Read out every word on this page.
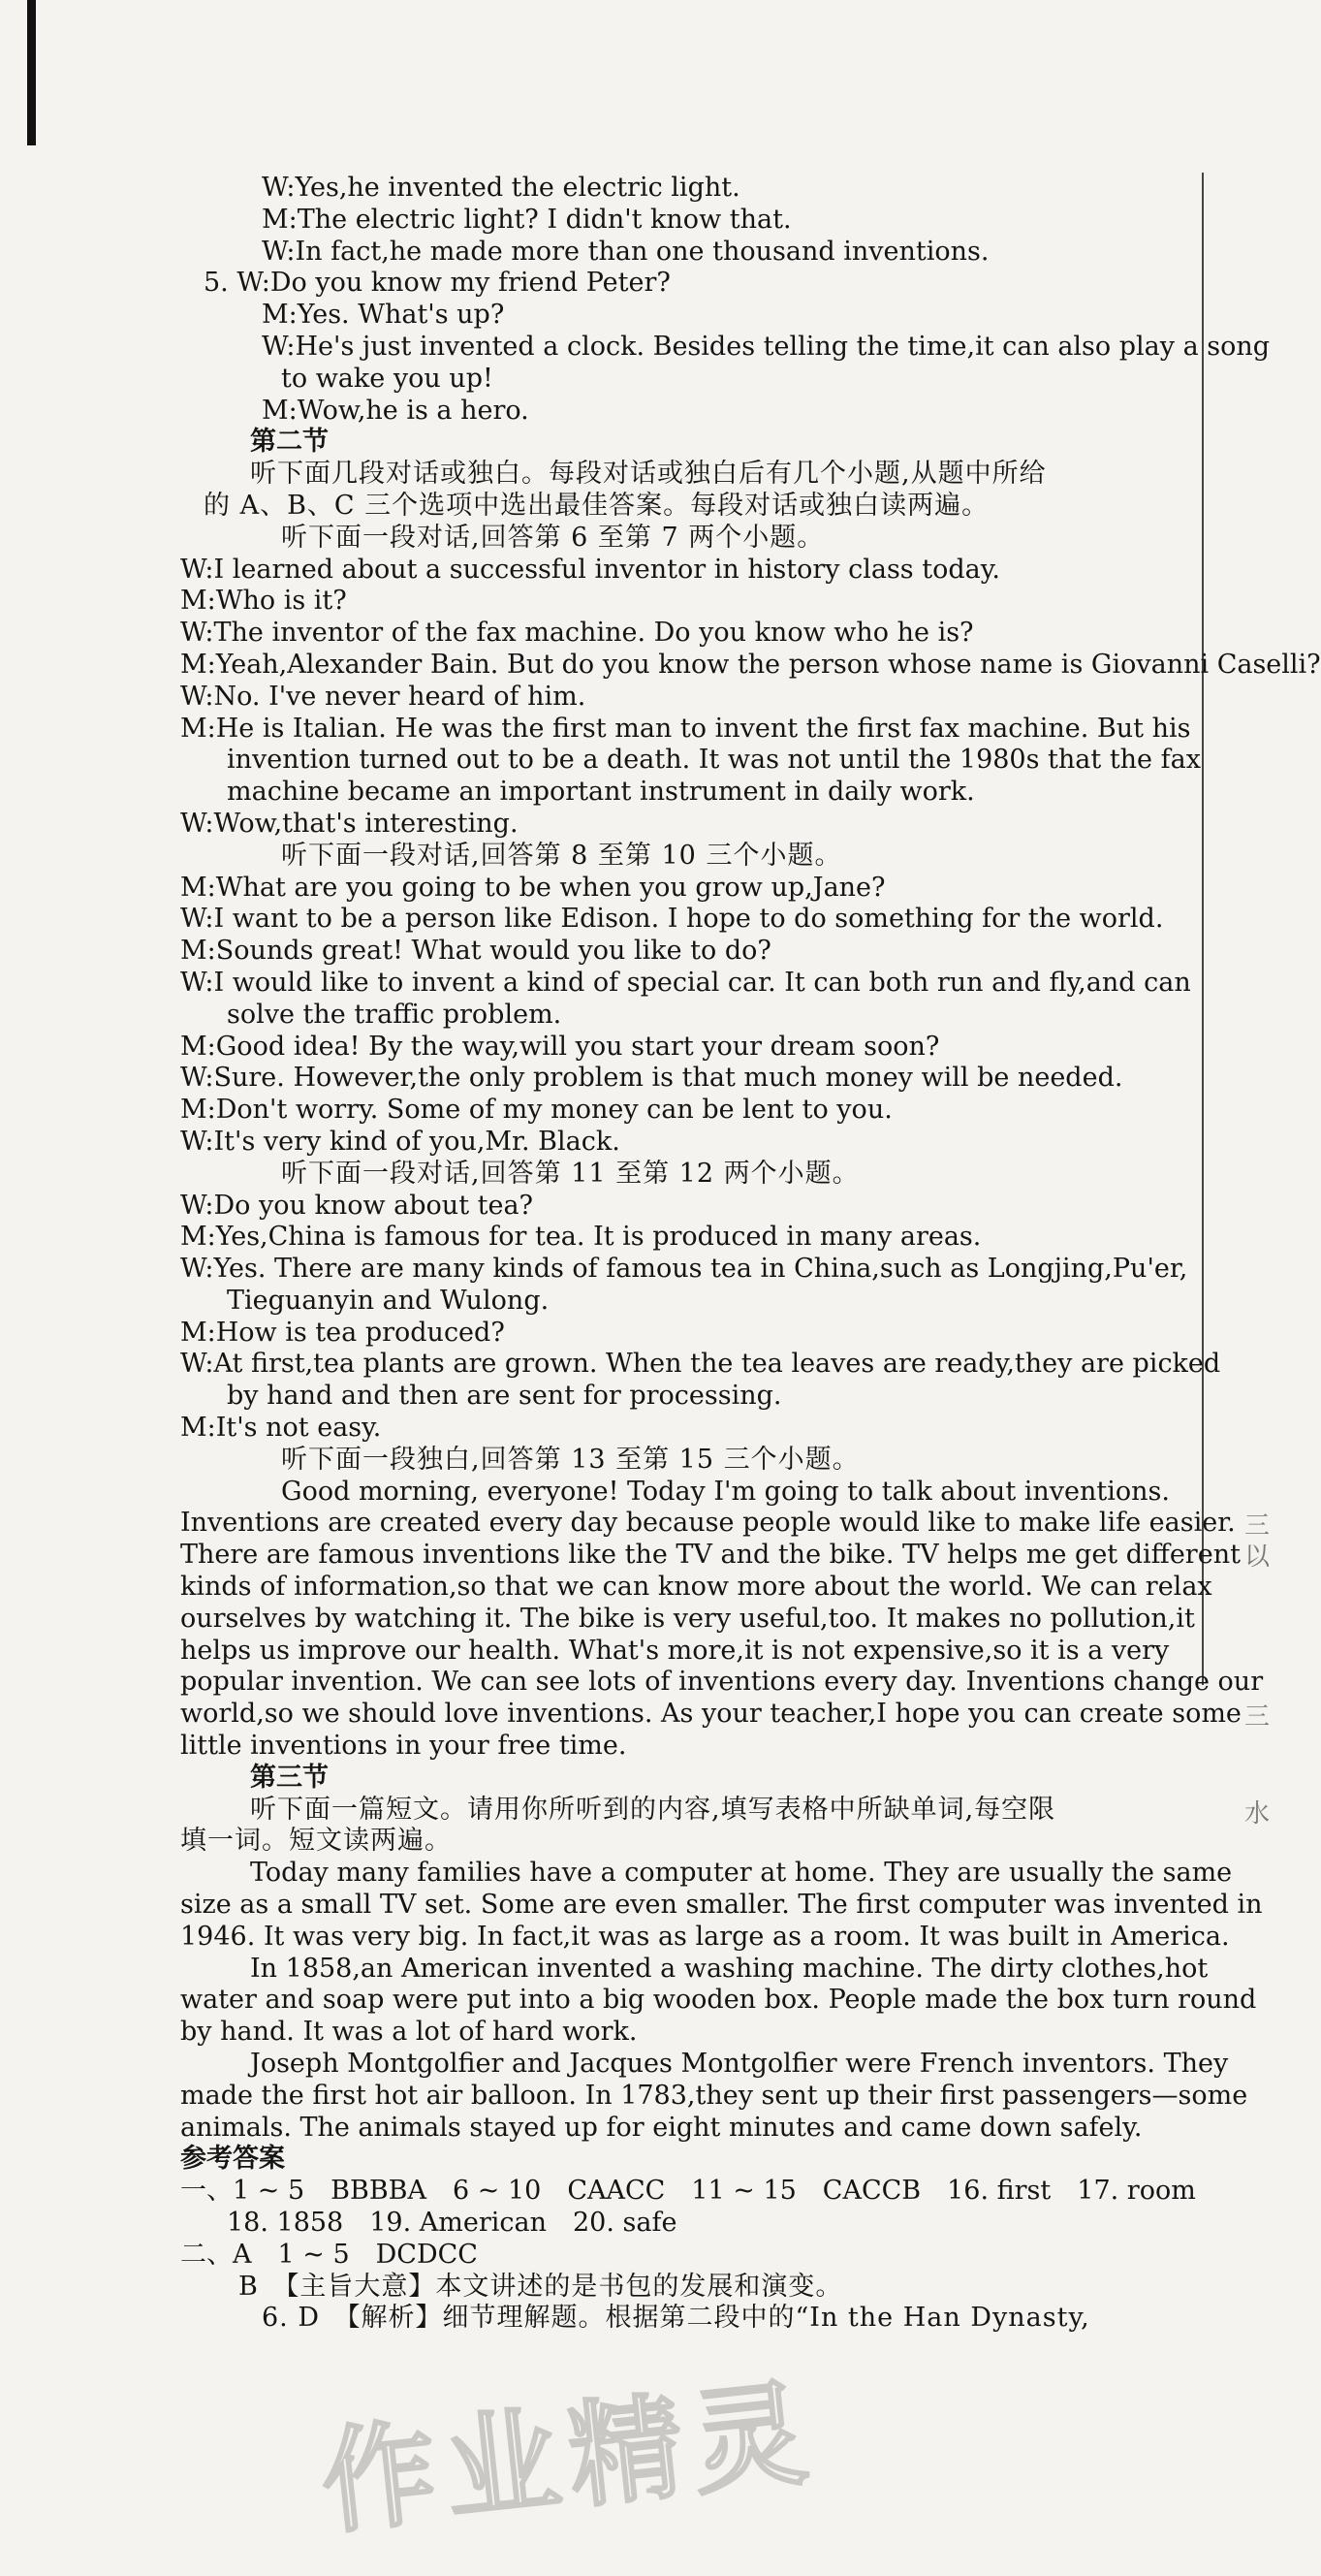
三
以
三
水
W:Yes,he invented the electric light.
M:The electric light? I didn't know that.
W:In fact,he made more than one thousand inventions.
5. W:Do you know my friend Peter?
M:Yes. What's up?
W:He's just invented a clock. Besides telling the time,it can also play a song
to wake you up!
M:Wow,he is a hero.
第二节
听下面几段对话或独白。每段对话或独白后有几个小题,从题中所给
的 A、B、C 三个选项中选出最佳答案。每段对话或独白读两遍。
听下面一段对话,回答第 6 至第 7 两个小题。
W:I learned about a successful inventor in history class today.
M:Who is it?
W:The inventor of the fax machine. Do you know who he is?
M:Yeah,Alexander Bain. But do you know the person whose name is Giovanni Caselli?
W:No. I've never heard of him.
M:He is Italian. He was the first man to invent the first fax machine. But his
invention turned out to be a death. It was not until the 1980s that the fax
machine became an important instrument in daily work.
W:Wow,that's interesting.
听下面一段对话,回答第 8 至第 10 三个小题。
M:What are you going to be when you grow up,Jane?
W:I want to be a person like Edison. I hope to do something for the world.
M:Sounds great! What would you like to do?
W:I would like to invent a kind of special car. It can both run and fly,and can
solve the traffic problem.
M:Good idea! By the way,will you start your dream soon?
W:Sure. However,the only problem is that much money will be needed.
M:Don't worry. Some of my money can be lent to you.
W:It's very kind of you,Mr. Black.
听下面一段对话,回答第 11 至第 12 两个小题。
W:Do you know about tea?
M:Yes,China is famous for tea. It is produced in many areas.
W:Yes. There are many kinds of famous tea in China,such as Longjing,Pu'er,
Tieguanyin and Wulong.
M:How is tea produced?
W:At first,tea plants are grown. When the tea leaves are ready,they are picked
by hand and then are sent for processing.
M:It's not easy.
听下面一段独白,回答第 13 至第 15 三个小题。
Good morning, everyone! Today I'm going to talk about inventions.
Inventions are created every day because people would like to make life easier.
There are famous inventions like the TV and the bike. TV helps me get different
kinds of information,so that we can know more about the world. We can relax
ourselves by watching it. The bike is very useful,too. It makes no pollution,it
helps us improve our health. What's more,it is not expensive,so it is a very
popular invention. We can see lots of inventions every day. Inventions change our
world,so we should love inventions. As your teacher,I hope you can create some
little inventions in your free time.
第三节
听下面一篇短文。请用你所听到的内容,填写表格中所缺单词,每空限
填一词。短文读两遍。
Today many families have a computer at home. They are usually the same
size as a small TV set. Some are even smaller. The first computer was invented in
1946. It was very big. In fact,it was as large as a room. It was built in America.
In 1858,an American invented a washing machine. The dirty clothes,hot
water and soap were put into a big wooden box. People made the box turn round
by hand. It was a lot of hard work.
Joseph Montgolfier and Jacques Montgolfier were French inventors. They
made the first hot air balloon. In 1783,they sent up their first passengers—some
animals. The animals stayed up for eight minutes and came down safely.
参考答案
一、1 ~ 5　BBBBA　6 ~ 10　CAACC　11 ~ 15　CACCB　16. first　17. room
18. 1858　19. American　20. safe
二、A　1 ~ 5　DCDCC
B　【主旨大意】本文讲述的是书包的发展和演变。
6. D　【解析】细节理解题。根据第二段中的“In the Han Dynasty,
作业精灵
